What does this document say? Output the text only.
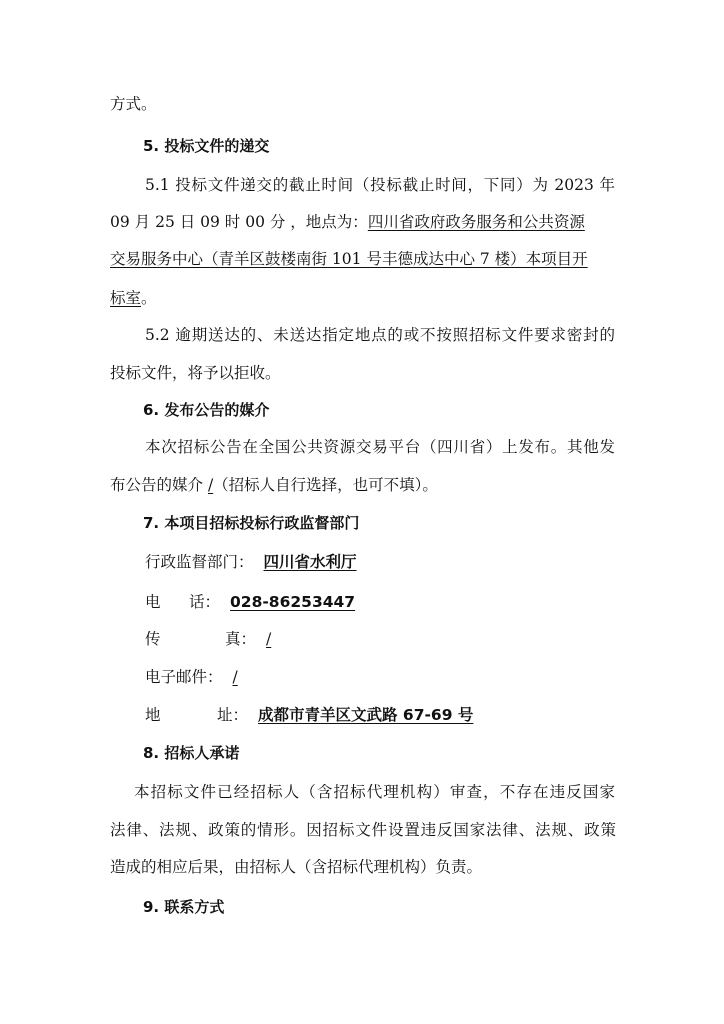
方式。
5. 投标文件的递交
5.1 投标文件递交的截止时间（投标截止时间，下同）为 2023 年
09 月 25 日 09 时 00 分 ，地点为：四川省政府政务服务和公共资源
交易服务中心（青羊区鼓楼南街 101 号丰德成达中心 7 楼）本项目开
标室。
5.2 逾期送达的、未送达指定地点的或不按照招标文件要求密封的
投标文件，将予以拒收。
6. 发布公告的媒介
本次招标公告在全国公共资源交易平台（四川省）上发布。其他发
布公告的媒介 /（招标人自行选择，也可不填）。
7. 本项目招标投标行政监督部门
行政监督部门： 四川省水利厅
电 话： 028-86253447
传	真： /
电子邮件： /
地	址： 成都市青羊区文武路 67-69 号
8. 招标人承诺
本招标文件已经招标人（含招标代理机构）审查，不存在违反国家
法律、法规、政策的情形。因招标文件设置违反国家法律、法规、政策
造成的相应后果，由招标人（含招标代理机构）负责。
9. 联系方式
